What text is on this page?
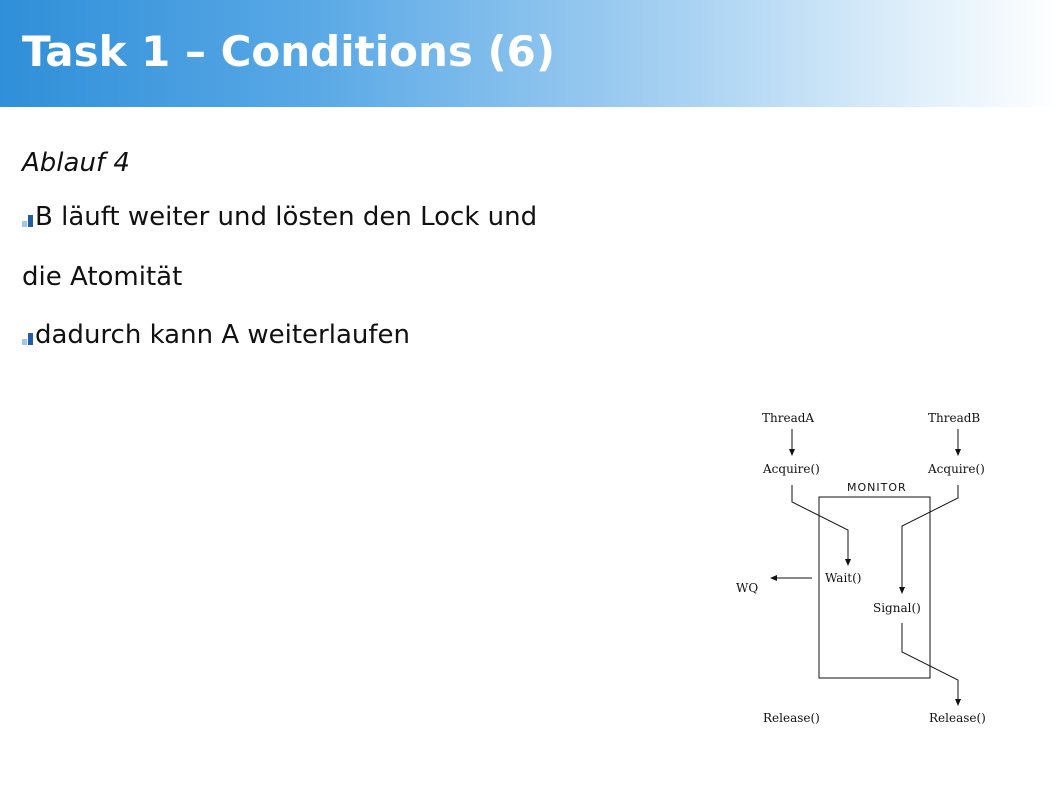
Task 1 – Conditions (6)
Ablauf 4
B läuft weiter und lösten den Lock und
die Atomität
dadurch kann A weiterlaufen
ThreadA	ThreadB
Acquire()	Acquire()
MONITOR
Wait()
WQ
Signal()
Release()	Release()
